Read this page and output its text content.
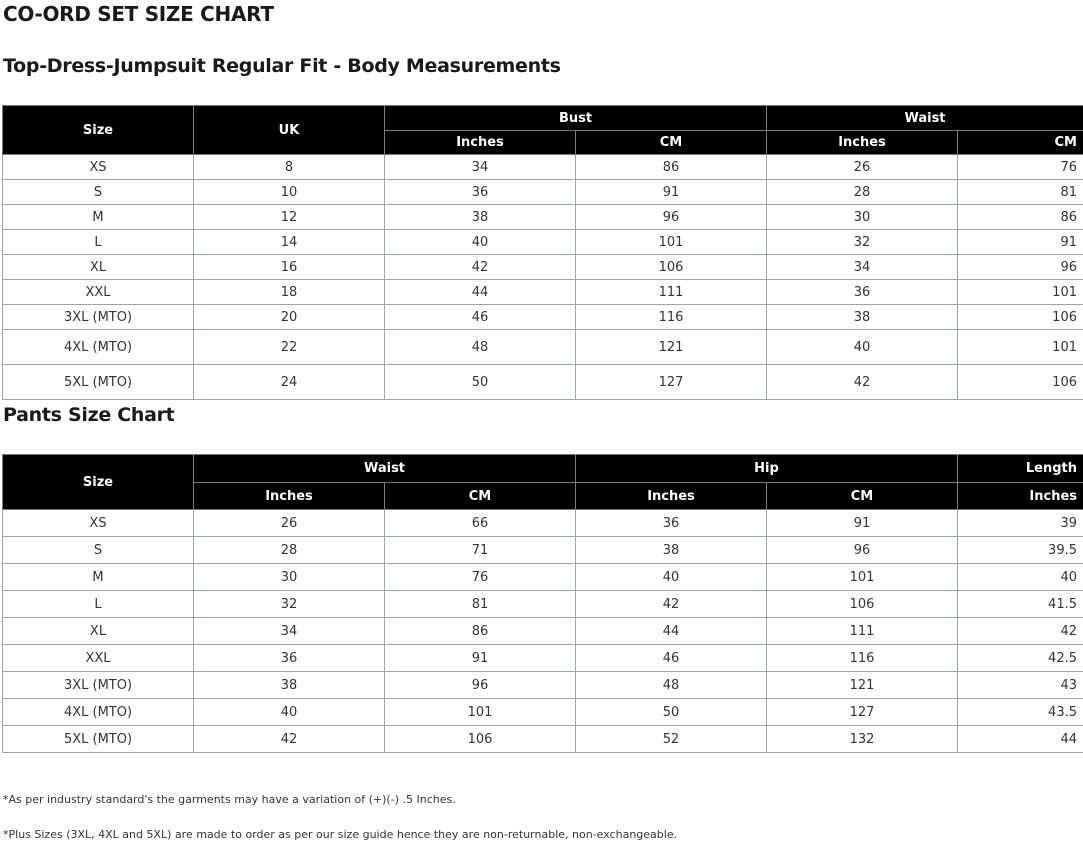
CO-ORD SET SIZE CHART
Top-Dress-Jumpsuit Regular Fit - Body Measurements
Size	UK	Bust		Waist	
		Inches	CM	Inches	CM
XS	8	34	86	26	76
S	10	36	91	28	81
M	12	38	96	30	86
L	14	40	101	32	91
XL	16	42	106	34	96
XXL	18	44	111	36	101
3XL (MTO)	20	46	116	38	106
4XL (MTO)	22	48	121	40	101
5XL (MTO)	24	50	127	42	106
Pants Size Chart
Size	Waist		Hip		Length
	Inches	CM	Inches	CM	Inches
XS	26	66	36	91	39
S	28	71	38	96	39.5
M	30	76	40	101	40
L	32	81	42	106	41.5
XL	34	86	44	111	42
XXL	36	91	46	116	42.5
3XL (MTO)	38	96	48	121	43
4XL (MTO)	40	101	50	127	43.5
5XL (MTO)	42	106	52	132	44
*As per industry standard's the garments may have a variation of (+)(-) .5 Inches.
*Plus Sizes (3XL, 4XL and 5XL) are made to order as per our size guide hence they are non-returnable, non-exchangeable.
